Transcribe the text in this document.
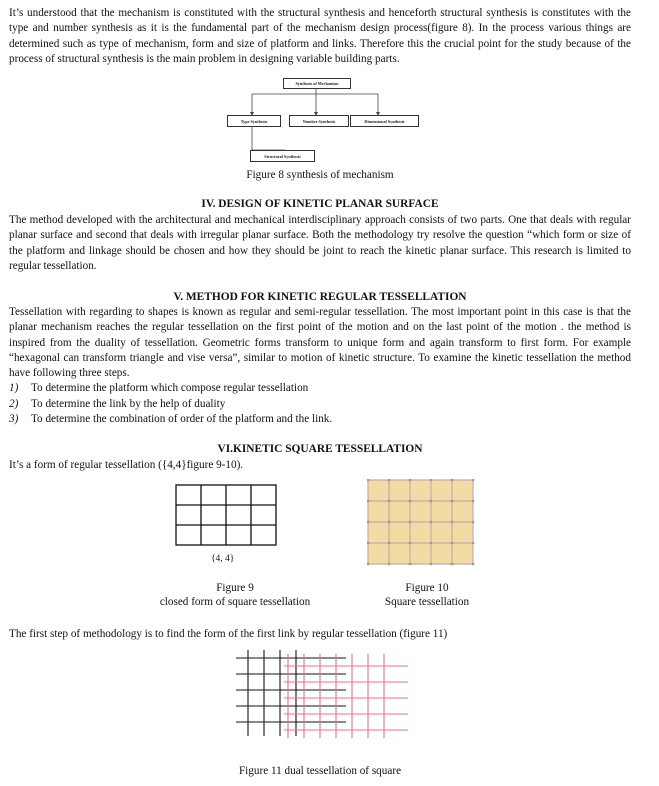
It’s understood that the mechanism is constituted with the structural synthesis and henceforth structural synthesis is constitutes with the type and number synthesis as it is the fundamental part of the mechanism design process(figure 8). In the process various things are determined such as type of mechanism, form and size of platform and links. Therefore this the crucial point for the study because of the process of structural synthesis is the main problem in designing variable building parts.

Synthesis of Mechanism
Type Synthesis	Number Synthesis	Dimensional Synthesis
Structural Synthesis
Figure 8 synthesis of mechanism

IV. DESIGN OF KINETIC PLANAR SURFACE

The method developed with the architectural and mechanical interdisciplinary approach consists of two parts. One that deals with regular planar surface and second that deals with irregular planar surface. Both the methodology try resolve the question “which form or size of the platform and linkage should be chosen and how they should be joint to reach the kinetic planar surface. This research is limited to regular tessellation.

V. METHOD FOR KINETIC REGULAR TESSELLATION

Tessellation with regarding to shapes is known as regular and semi-regular tessellation. The most important point in this case is that the planar mechanism reaches the regular tessellation on the first point of the motion and on the last point of the motion . the method is inspired from the duality of tessellation. Geometric forms transform to unique form and again transform to first form. For example “hexagonal can transform triangle and vise versa”, similar to motion of kinetic structure. To examine the kinetic tessellation the method have following three steps.

1) To determine the platform which compose regular tessellation
2) To determine the link by the help of duality
3) To determine the combination of order of the platform and the link.

VI.KINETIC SQUARE TESSELLATION

It’s a form of regular tessellation ({4,4}figure 9-10).

{4, 4}
Figure 9
closed form of square tessellation
Figure 10
Square tessellation

The first step of methodology is to find the form of the first link by regular tessellation (figure 11)

Figure 11 dual tessellation of square
